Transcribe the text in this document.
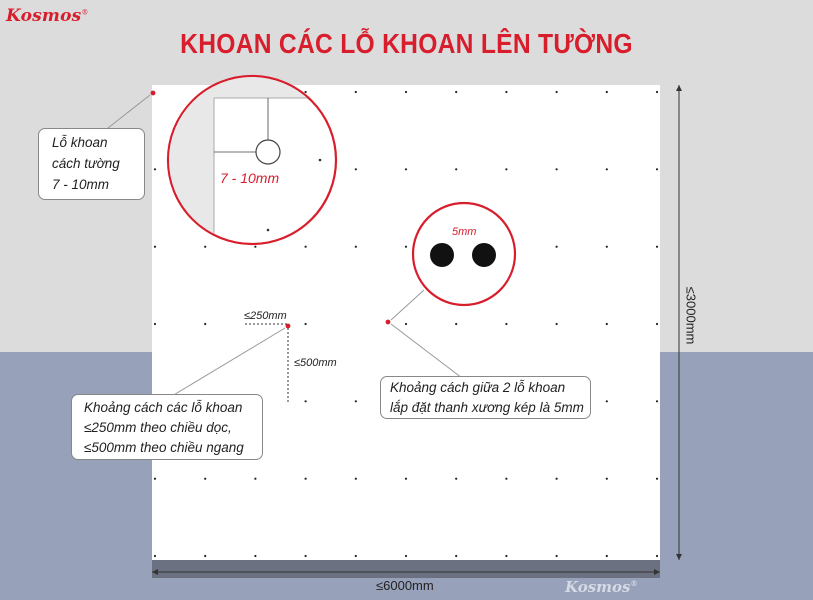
Kosmos®
KHOAN CÁC LỖ KHOAN LÊN TƯỜNG
7 - 10mm
5mm
≤250mm
≤500mm
Lỗ khoan
cách tường
7 - 10mm
Khoảng cách các lỗ khoan
≤250mm theo chiều dọc,
≤500mm theo chiều ngang
Khoảng cách giữa 2 lỗ khoan
lắp đặt thanh xương kép là 5mm
≤6000mm
≤3000mm
Kosmos®
